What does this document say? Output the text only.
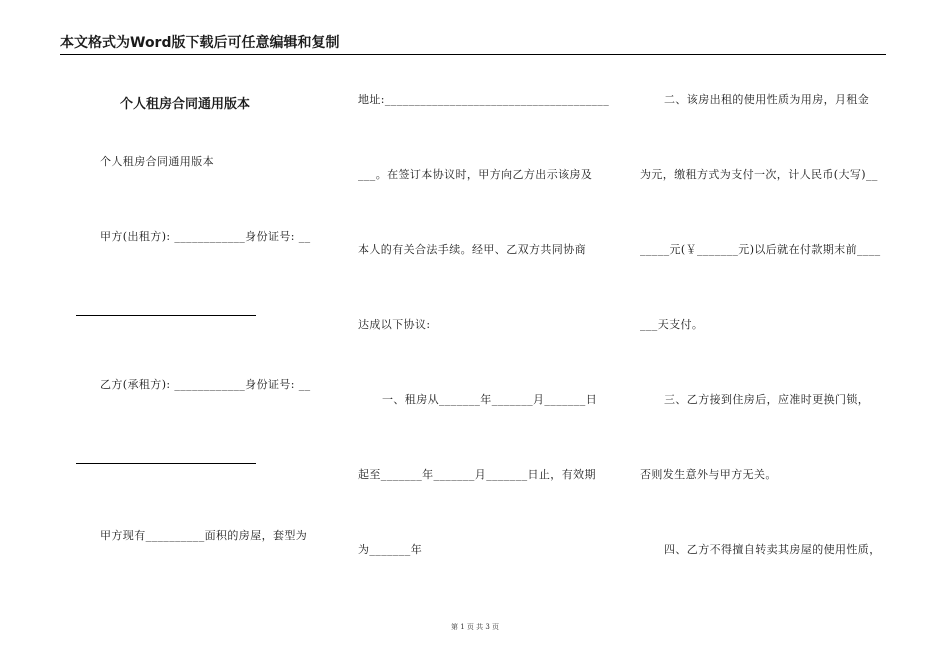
本文格式为Word版下载后可任意编辑和复制
个人租房合同通用版本
个人租房合同通用版本
甲方(出租方): ____________身份证号: __
乙方(承租方): ____________身份证号: __
甲方现有__________面积的房屋，套型为
地址:______________________________________
___。在签订本协议时，甲方向乙方出示该房及
本人的有关合法手续。经甲、乙双方共同协商
达成以下协议:
一、租房从_______年_______月_______日
起至_______年_______月_______日止，有效期
为_______年
二、该房出租的使用性质为用房，月租金
为元，缴租方式为支付一次，计人民币(大写)__
_____元(￥_______元)以后就在付款期末前____
___天支付。
三、乙方接到住房后，应准时更换门锁，
否则发生意外与甲方无关。
四、乙方不得擅自转卖其房屋的使用性质，
第 1 页 共 3 页
